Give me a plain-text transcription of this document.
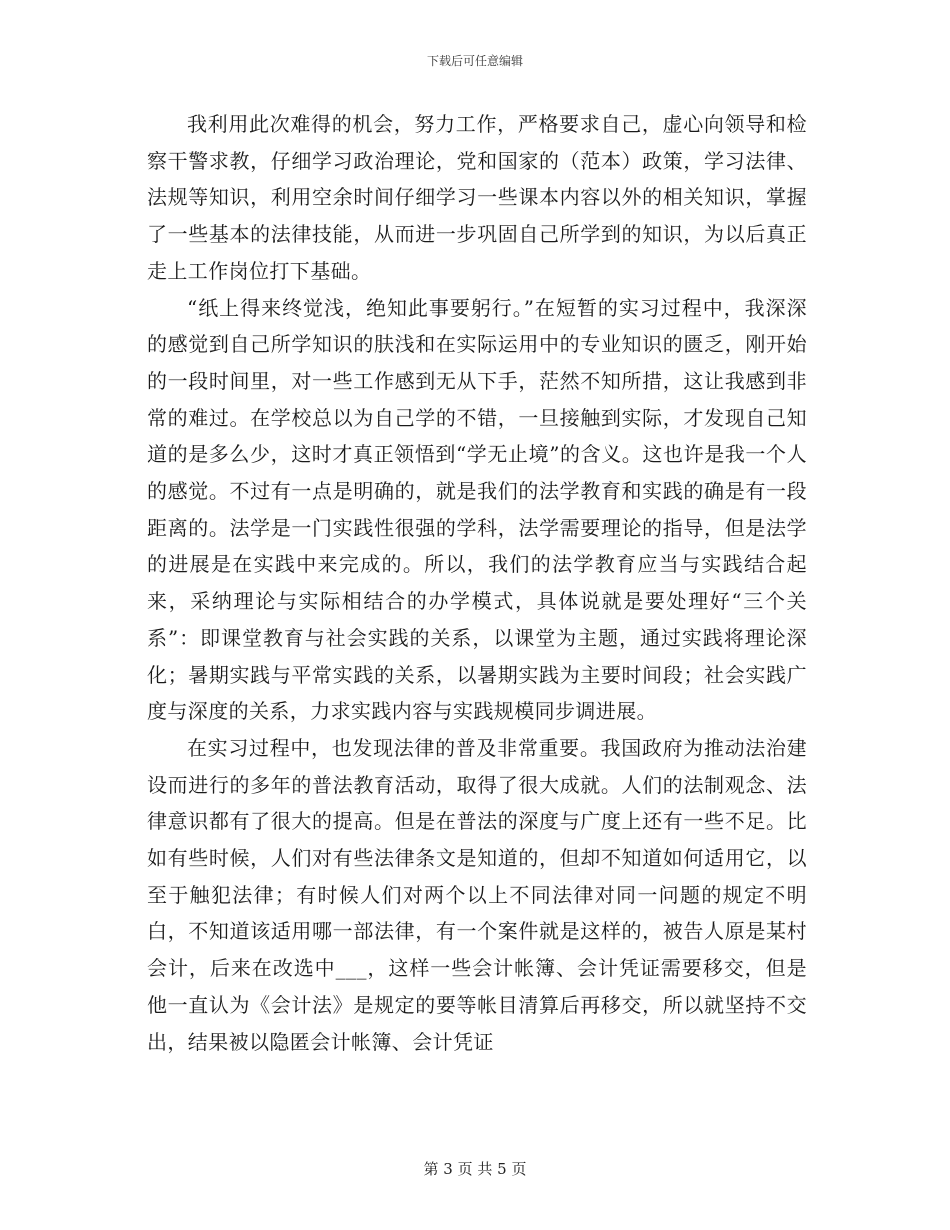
下载后可任意编辑

我利用此次难得的机会，努力工作，严格要求自己，虚心向领导和检察干警求教，仔细学习政治理论，党和国家的（范本）政策，学习法律、法规等知识，利用空余时间仔细学习一些课本内容以外的相关知识，掌握了一些基本的法律技能，从而进一步巩固自己所学到的知识，为以后真正走上工作岗位打下基础。

“纸上得来终觉浅，绝知此事要躬行。”在短暂的实习过程中，我深深的感觉到自己所学知识的肤浅和在实际运用中的专业知识的匮乏，刚开始的一段时间里，对一些工作感到无从下手，茫然不知所措，这让我感到非常的难过。在学校总以为自己学的不错，一旦接触到实际，才发现自己知道的是多么少，这时才真正领悟到“学无止境”的含义。这也许是我一个人的感觉。不过有一点是明确的，就是我们的法学教育和实践的确是有一段距离的。法学是一门实践性很强的学科，法学需要理论的指导，但是法学的进展是在实践中来完成的。所以，我们的法学教育应当与实践结合起来，采纳理论与实际相结合的办学模式，具体说就是要处理好“三个关系”：即课堂教育与社会实践的关系，以课堂为主题，通过实践将理论深化；暑期实践与平常实践的关系，以暑期实践为主要时间段；社会实践广度与深度的关系，力求实践内容与实践规模同步调进展。

在实习过程中，也发现法律的普及非常重要。我国政府为推动法治建设而进行的多年的普法教育活动，取得了很大成就。人们的法制观念、法律意识都有了很大的提高。但是在普法的深度与广度上还有一些不足。比如有些时候，人们对有些法律条文是知道的，但却不知道如何适用它，以至于触犯法律；有时候人们对两个以上不同法律对同一问题的规定不明白，不知道该适用哪一部法律，有一个案件就是这样的，被告人原是某村会计，后来在改选中___，这样一些会计帐簿、会计凭证需要移交，但是他一直认为《会计法》是规定的要等帐目清算后再移交，所以就坚持不交出，结果被以隐匿会计帐簿、会计凭证

第 3 页 共 5 页
